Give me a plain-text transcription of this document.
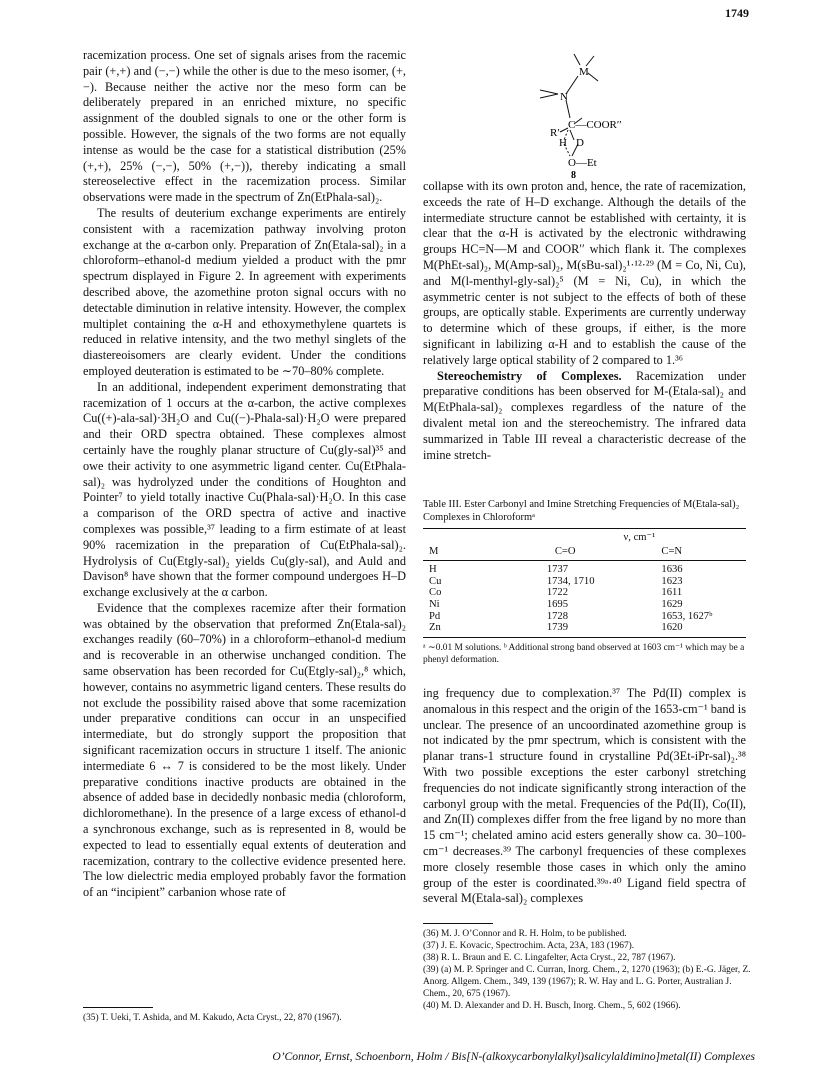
1749

racemization process. One set of signals arises from the racemic pair (+,+) and (−,−) while the other is due to the meso isomer, (+,−). Because neither the active nor the meso form can be deliberately prepared in an enriched mixture, no specific assignment of the doubled signals to one or the other form is possible. However, the signals of the two forms are not equally intense as would be the case for a statistical distribution (25% (+,+), 25% (−,−), 50% (+,−)), thereby indicating a small stereoselective effect in the racemization process. Similar observations were made in the spectrum of Zn(EtPhala-sal)₂.

The results of deuterium exchange experiments are entirely consistent with a racemization pathway involving proton exchange at the α-carbon only. Preparation of Zn(Etala-sal)₂ in a chloroform–ethanol-d medium yielded a product with the pmr spectrum displayed in Figure 2. In agreement with experiments described above, the azomethine proton signal occurs with no detectable diminution in relative intensity. However, the complex multiplet containing the α-H and ethoxymethylene quartets is reduced in relative intensity, and the two methyl singlets of the diastereoisomers are clearly evident. Under the conditions employed deuteration is estimated to be ∼70–80% complete.

In an additional, independent experiment demonstrating that racemization of 1 occurs at the α-carbon, the active complexes Cu((+)-ala-sal)·3H₂O and Cu((−)-Phala-sal)·H₂O were prepared and their ORD spectra obtained. These complexes almost certainly have the roughly planar structure of Cu(gly-sal)³⁵ and owe their activity to one asymmetric ligand center. Cu(EtPhala-sal)₂ was hydrolyzed under the conditions of Houghton and Pointer⁷ to yield totally inactive Cu(Phala-sal)·H₂O. In this case a comparison of the ORD spectra of active and inactive complexes was possible,³⁷ leading to a firm estimate of at least 90% racemization in the preparation of Cu(EtPhala-sal)₂. Hydrolysis of Cu(Etgly-sal)₂ yields Cu(gly-sal), and Auld and Davison⁸ have shown that the former compound undergoes H–D exchange exclusively at the α carbon.

Evidence that the complexes racemize after their formation was obtained by the observation that preformed Zn(Etala-sal)₂ exchanges readily (60–70%) in a chloroform–ethanol-d medium and is recoverable in an otherwise unchanged condition. The same observation has been recorded for Cu(Etgly-sal)₂,⁸ which, however, contains no asymmetric ligand centers. These results do not exclude the possibility raised above that some racemization under preparative conditions can occur in an unspecified intermediate, but do strongly support the proposition that significant racemization occurs in structure 1 itself. The anionic intermediate 6 ↔ 7 is considered to be the most likely. Under preparative conditions inactive products are obtained in the absence of added base in decidedly nonbasic media (chloroform, dichloromethane). In the presence of a large excess of ethanol-d a synchronous exchange, such as is represented in 8, would be expected to lead to essentially equal extents of deuteration and racemization, contrary to the collective evidence presented here. The low dielectric media employed probably favor the formation of an “incipient” carbanion whose rate of

M
N
C—COOR′′
R′
H D
O—Et
8

collapse with its own proton and, hence, the rate of racemization, exceeds the rate of H–D exchange. Although the details of the intermediate structure cannot be established with certainty, it is clear that the α-H is activated by the electronic withdrawing groups HC=N—M and COOR′′ which flank it. The complexes M(PhEt-sal)₂, M(Amp-sal)₂, M(sBu-sal)₂¹·¹²·²⁹ (M = Co, Ni, Cu), and M(l-menthyl-gly-sal)₂⁵ (M = Ni, Cu), in which the asymmetric center is not subject to the effects of both of these groups, are optically stable. Experiments are currently underway to determine which of these groups, if either, is the more significant in labilizing α-H and to establish the cause of the relatively large optical stability of 2 compared to 1.³⁶

Stereochemistry of Complexes. Racemization under preparative conditions has been observed for M-(Etala-sal)₂ and M(EtPhala-sal)₂ complexes regardless of the nature of the divalent metal ion and the stereochemistry. The infrared data summarized in Table III reveal a characteristic decrease of the imine stretch-

Table III. Ester Carbonyl and Imine Stretching Frequencies of M(Etala-sal)₂ Complexes in Chloroformᵃ
	ν, cm⁻¹	
M	C=O	C=N
H	1737	1636
Cu	1734, 1710	1623
Co	1722	1611
Ni	1695	1629
Pd	1728	1653, 1627ᵇ
Zn	1739	1620
ᵃ ∼0.01 M solutions. ᵇ Additional strong band observed at 1603 cm⁻¹ which may be a phenyl deformation.

ing frequency due to complexation.³⁷ The Pd(II) complex is anomalous in this respect and the origin of the 1653-cm⁻¹ band is unclear. The presence of an uncoordinated azomethine group is not indicated by the pmr spectrum, which is consistent with the planar trans-1 structure found in crystalline Pd(3Et-iPr-sal)₂.³⁸ With two possible exceptions the ester carbonyl stretching frequencies do not indicate significantly strong interaction of the carbonyl group with the metal. Frequencies of the Pd(II), Co(II), and Zn(II) complexes differ from the free ligand by no more than 15 cm⁻¹; chelated amino acid esters generally show ca. 30–100-cm⁻¹ decreases.³⁹ The carbonyl frequencies of these complexes more closely resemble those cases in which only the amino group of the ester is coordinated.³⁹ᵃ·⁴⁰ Ligand field spectra of several M(Etala-sal)₂ complexes

(36) M. J. O’Connor and R. H. Holm, to be published.
(37) J. E. Kovacic, Spectrochim. Acta, 23A, 183 (1967).
(38) R. L. Braun and E. C. Lingafelter, Acta Cryst., 22, 787 (1967).
(39) (a) M. P. Springer and C. Curran, Inorg. Chem., 2, 1270 (1963); (b) E.-G. Jäger, Z. Anorg. Allgem. Chem., 349, 139 (1967); R. W. Hay and L. G. Porter, Australian J. Chem., 20, 675 (1967).
(40) M. D. Alexander and D. H. Busch, Inorg. Chem., 5, 602 (1966).
(35) T. Ueki, T. Ashida, and M. Kakudo, Acta Cryst., 22, 870 (1967).
O’Connor, Ernst, Schoenborn, Holm / Bis[N-(alkoxycarbonylalkyl)salicylaldimino]metal(II) Complexes
